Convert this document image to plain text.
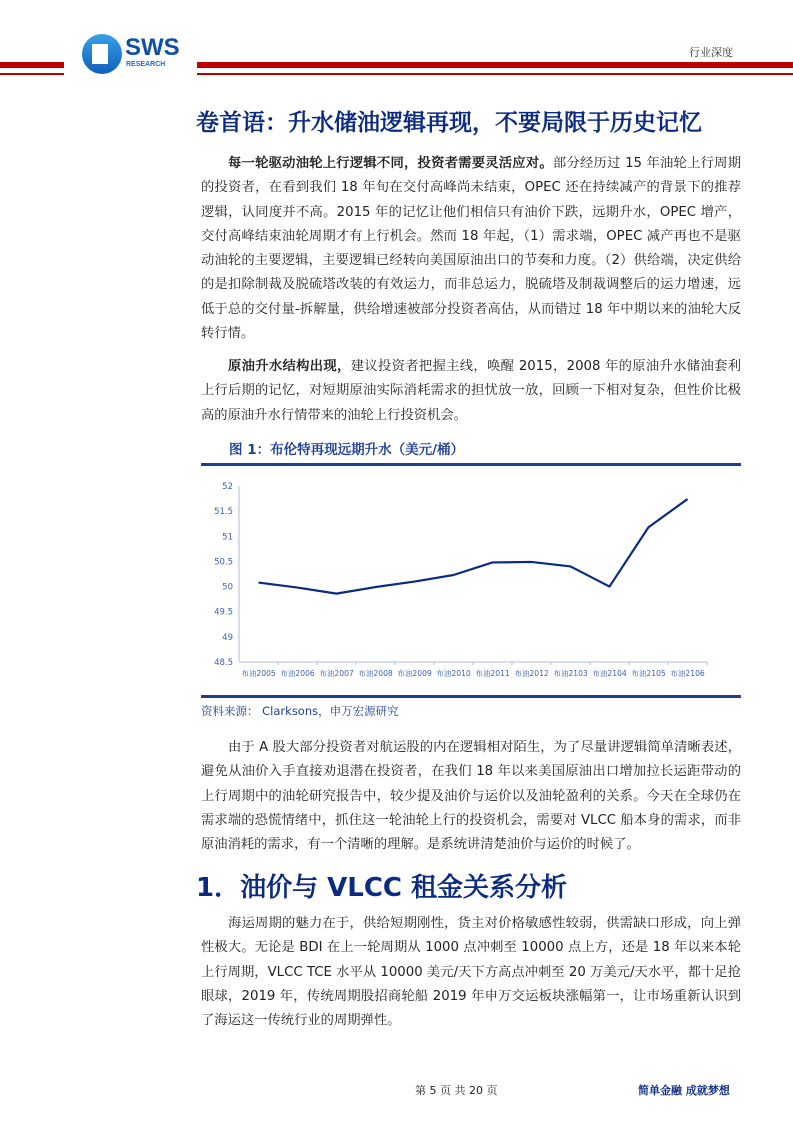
SWS
RESEARCH
行业深度
卷首语：升水储油逻辑再现，不要局限于历史记忆
每一轮驱动油轮上行逻辑不同，投资者需要灵活应对。部分经历过 15 年油轮上行周期的投资者，在看到我们 18 年旬在交付高峰尚未结束，OPEC 还在持续减产的背景下的推荐逻辑，认同度并不高。2015 年的记忆让他们相信只有油价下跌，远期升水，OPEC 增产，交付高峰结束油轮周期才有上行机会。然而 18 年起，（1）需求端，OPEC 减产再也不是驱动油轮的主要逻辑，主要逻辑已经转向美国原油出口的节奏和力度。（2）供给端，决定供给的是扣除制裁及脱硫塔改装的有效运力，而非总运力，脱硫塔及制裁调整后的运力增速，远低于总的交付量-拆解量，供给增速被部分投资者高估，从而错过 18 年中期以来的油轮大反转行情。
原油升水结构出现，建议投资者把握主线，唤醒 2015，2008 年的原油升水储油套利上行后期的记忆，对短期原油实际消耗需求的担忧放一放，回顾一下相对复杂，但性价比极高的原油升水行情带来的油轮上行投资机会。
图 1：布伦特再现远期升水（美元/桶）
48.5
49
49.5
50
50.5
51
51.5
52
布油2005 布油2006 布油2007 布油2008 布油2009 布油2010 布油2011 布油2012 布油2103 布油2104 布油2105 布油2106
资料来源： Clarksons，申万宏源研究
由于 A 股大部分投资者对航运股的内在逻辑相对陌生，为了尽量讲逻辑简单清晰表述，避免从油价入手直接劝退潜在投资者，在我们 18 年以来美国原油出口增加拉长运距带动的上行周期中的油轮研究报告中，较少提及油价与运价以及油轮盈利的关系。今天在全球仍在需求端的恐慌情绪中，抓住这一轮油轮上行的投资机会，需要对 VLCC 船本身的需求，而非原油消耗的需求，有一个清晰的理解。是系统讲清楚油价与运价的时候了。
1．油价与 VLCC 租金关系分析
海运周期的魅力在于，供给短期刚性，货主对价格敏感性较弱，供需缺口形成，向上弹性极大。无论是 BDI 在上一轮周期从 1000 点冲刺至 10000 点上方，还是 18 年以来本轮上行周期，VLCC TCE 水平从 10000 美元/天下方高点冲刺至 20 万美元/天水平，都十足抢眼球，2019 年，传统周期股招商轮船 2019 年申万交运板块涨幅第一，让市场重新认识到了海运这一传统行业的周期弹性。
第 5 页 共 20 页	简单金融 成就梦想
